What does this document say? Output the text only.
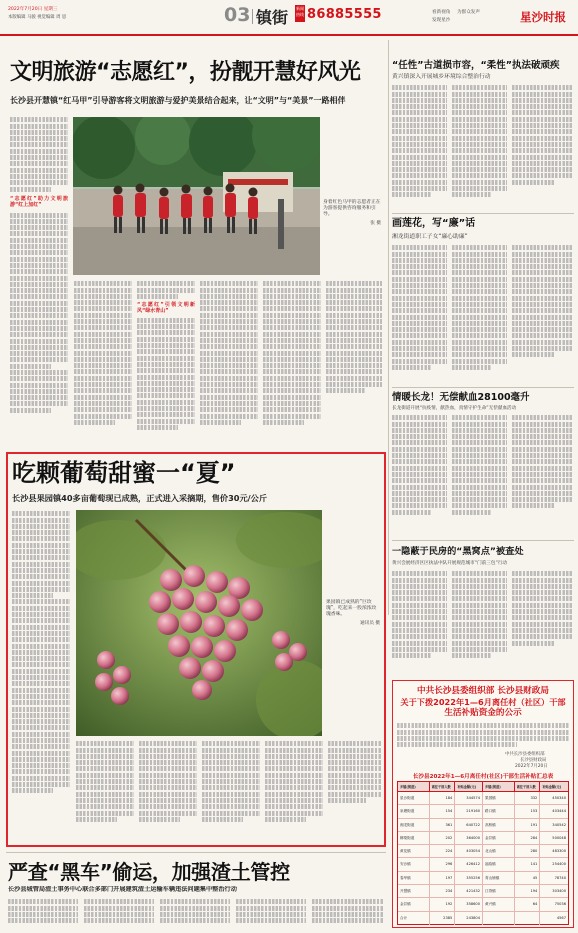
2022年7月20日 星期三
本版编辑 马骏 视觉编辑 周 思	03 镇街 新闻热线 86885555	看新视角 为群众发声
发现星沙	星沙时报
文明旅游“志愿红”，扮靓开慧好风光
长沙县开慧镇“红马甲”引导游客将文明旅游与爱护美景结合起来，让“文明”与“美景”一路相伴
“志愿红”助力文明旅游“红上加红”	身着红色马甲的志愿者正在为游客提供咨询服务和引导。
张 摄
“志愿红”引领文明新风“绿水青山”
吃颗葡萄甜蜜一“夏”
长沙县果园镇40多亩葡萄现已成熟，正式进入采摘期，售价30元/公斤
果园镇已成熟的“巨玫瑰”，吃起来一股浓浓玫瑰香味。
通讯员 摄
严查“黑车”偷运，加强渣土管控
长沙县城管局渣土事务中心联合多部门开展建筑渣土运输车辆违法问题集中整治行动
“任性”古道损市容，“柔性”执法破顽疾
黄兴镇深入开展城乡环境综合整治行动
画莲花，写“廉”话
湘龙街道职工子女“廉心助廉”
情暖长龙！无偿献血28100毫升
长龙街道开展“抗疫情，献热血，真情守护生命”无偿献血活动
一隐蔽于民房的“黑窝点”被查处
黄兴会展经济区区执法中队开展规范城市“门前三包”行动
中共长沙县委组织部 长沙县财政局
关于下拨2022年1—6月离任村（社区）干部
生活补贴资金的公示
中共长沙县委组织部
长沙县财政局
2022年7月20日
长沙县2022年1—6月离任村(社区)干部生活补贴汇总表
乡镇(街道)	离任干部人数	补贴金额(元)	乡镇(街道)	离任干部人数	补贴金额(元)
星沙街道	184	344574	果园镇	332	450340
泉塘街道	154	219160	路口镇	153	403444
湘龙街道	361	640722	高桥镇	191	340542
榔梨街道	202	364000	金井镇	284	500048
黄花镇	224	403054	北山镇	280	483300
安沙镇	296	426412	福临镇	141	254400
春华镇	197	355256	青山铺镇	45	78740
开慧镇	234	421432	江背镇	194	303400
金井镇	192	358600	黄兴镇	64	75036
合计	2385	243804	4567
